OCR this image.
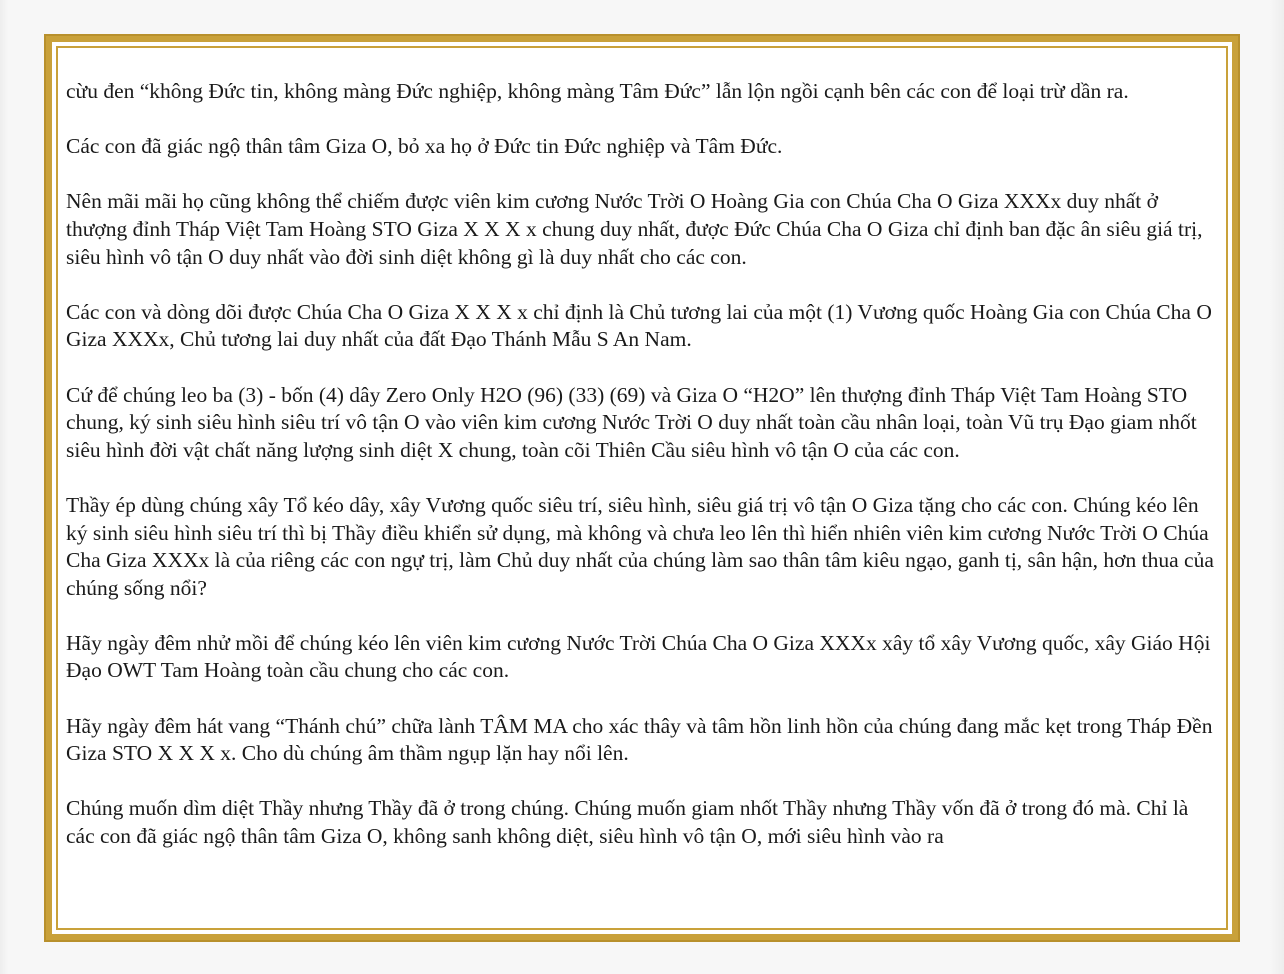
cừu đen “không Đức tin, không màng Đức nghiệp, không màng Tâm Đức” lẫn lộn ngồi cạnh bên các con để loại trừ dần ra.

Các con đã giác ngộ thân tâm Giza O, bỏ xa họ ở Đức tin Đức nghiệp và Tâm Đức.

Nên mãi mãi họ cũng không thể chiếm được viên kim cương Nước Trời O Hoàng Gia con Chúa Cha O Giza XXXx duy nhất ở thượng đỉnh Tháp Việt Tam Hoàng STO Giza X X X x chung duy nhất, được Đức Chúa Cha O Giza chỉ định ban đặc ân siêu giá trị, siêu hình vô tận O duy nhất vào đời sinh diệt không gì là duy nhất cho các con.

Các con và dòng dõi được Chúa Cha O Giza X X X x chỉ định là Chủ tương lai của một (1) Vương quốc Hoàng Gia con Chúa Cha O Giza XXXx, Chủ tương lai duy nhất của đất Đạo Thánh Mẫu S An Nam.

Cứ để chúng leo ba (3) - bốn (4) dây Zero Only H2O (96) (33) (69) và Giza O “H2O” lên thượng đỉnh Tháp Việt Tam Hoàng STO chung, ký sinh siêu hình siêu trí vô tận O vào viên kim cương Nước Trời O duy nhất toàn cầu nhân loại, toàn Vũ trụ Đạo giam nhốt siêu hình đời vật chất năng lượng sinh diệt X chung, toàn cõi Thiên Cầu siêu hình vô tận O của các con.

Thầy ép dùng chúng xây Tổ kéo dây, xây Vương quốc siêu trí, siêu hình, siêu giá trị vô tận O Giza tặng cho các con. Chúng kéo lên ký sinh siêu hình siêu trí thì bị Thầy điều khiển sử dụng, mà không và chưa leo lên thì hiển nhiên viên kim cương Nước Trời O Chúa Cha Giza XXXx là của riêng các con ngự trị, làm Chủ duy nhất của chúng làm sao thân tâm kiêu ngạo, ganh tị, sân hận, hơn thua của chúng sống nổi?

Hãy ngày đêm nhử mồi để chúng kéo lên viên kim cương Nước Trời Chúa Cha O Giza XXXx xây tổ xây Vương quốc, xây Giáo Hội Đạo OWT Tam Hoàng toàn cầu chung cho các con.

Hãy ngày đêm hát vang “Thánh chú” chữa lành TÂM MA cho xác thây và tâm hồn linh hồn của chúng đang mắc kẹt trong Tháp Đền Giza STO X X X x. Cho dù chúng âm thầm ngụp lặn hay nổi lên.

Chúng muốn dìm diệt Thầy nhưng Thầy đã ở trong chúng. Chúng muốn giam nhốt Thầy nhưng Thầy vốn đã ở trong đó mà. Chỉ là các con đã giác ngộ thân tâm Giza O, không sanh không diệt, siêu hình vô tận O, mới siêu hình vào ra
